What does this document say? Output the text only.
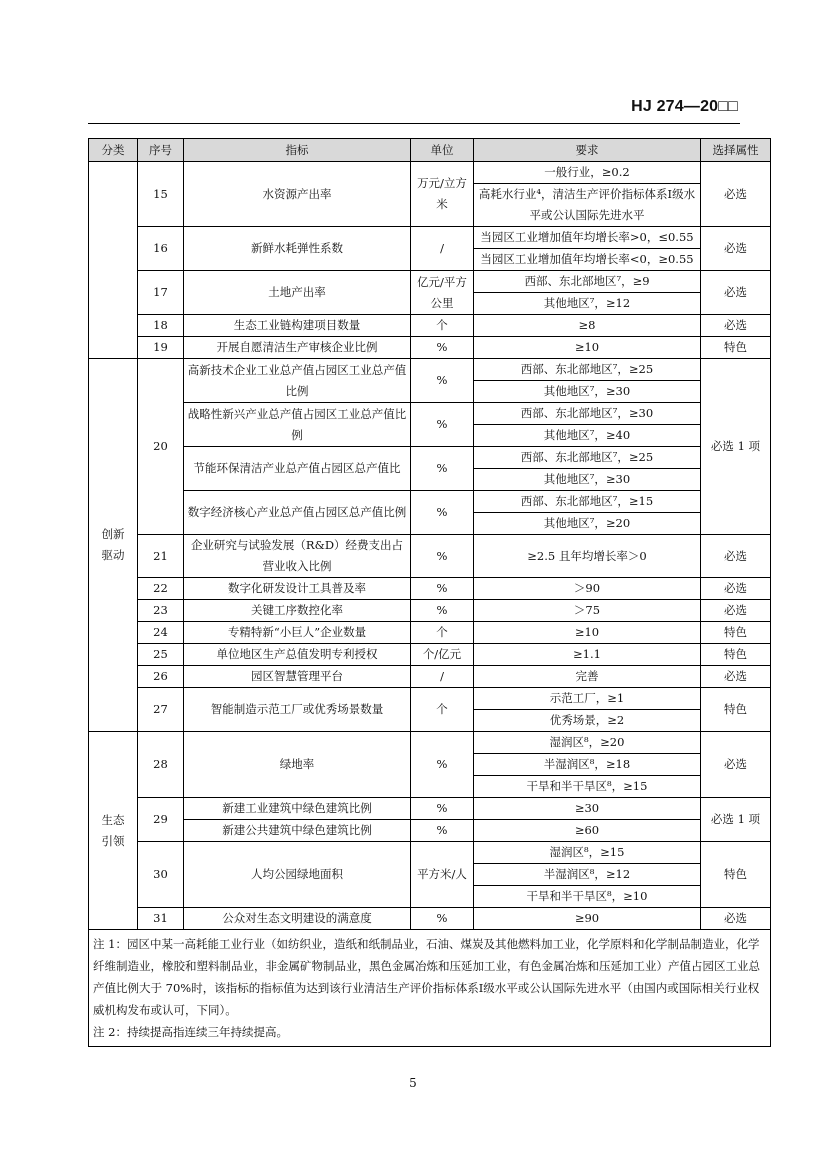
HJ 274—20□□
分类	序号	指标	单位	要求	选择属性
	15	水资源产出率	万元/立方米	一般行业，≥0.2	必选
				高耗水行业⁴，清洁生产评价指标体系Ⅰ级水平或公认国际先进水平	

	16	新鲜水耗弹性系数	/	当园区工业增加值年均增长率>0，≤0.55	必选
				当园区工业增加值年均增长率<0，≥0.55	
	17	土地产出率	亿元/平方公里	西部、东北部地区⁷，≥9	必选
				其他地区⁷，≥12	
	18	生态工业链构建项目数量	个	≥8	必选
	19	开展自愿清洁生产审核企业比例	%	≥10	特色
创新
驱动	20	高新技术企业工业总产值占园区工业总产值比例	%	西部、东北部地区⁷，≥25	必选 1 项
				其他地区⁷，≥30	
		战略性新兴产业总产值占园区工业总产值比例	%	西部、东北部地区⁷，≥30	
				其他地区⁷，≥40	
		节能环保清洁产业总产值占园区总产值比	%	西部、东北部地区⁷，≥25	
				其他地区⁷，≥30	
		数字经济核心产业总产值占园区总产值比例	%	西部、东北部地区⁷，≥15	
				其他地区⁷，≥20	
	21	企业研究与试验发展（R&D）经费支出占营业收入比例	%	≥2.5 且年均增长率＞0	必选

	22	数字化研发设计工具普及率	%	＞90	必选
	23	关键工序数控化率	%	＞75	必选
	24	专精特新“小巨人”企业数量	个	≥10	特色
	25	单位地区生产总值发明专利授权	个/亿元	≥1.1	特色
	26	园区智慧管理平台	/	完善	必选
	27	智能制造示范工厂或优秀场景数量	个	示范工厂，≥1	特色
				优秀场景，≥2	
生态
引领	28	绿地率	%	湿润区⁸，≥20	必选
				半湿润区⁸，≥18	
				干旱和半干旱区⁸，≥15	
	29	新建工业建筑中绿色建筑比例	%	≥30	必选 1 项
		新建公共建筑中绿色建筑比例	%	≥60	
	30	人均公园绿地面积	平方米/人	湿润区⁸，≥15	特色
				半湿润区⁸，≥12	
				干旱和半干旱区⁸，≥10	
	31	公众对生态文明建设的满意度	%	≥90	必选

注 1：园区中某一高耗能工业行业（如纺织业，造纸和纸制品业，石油、煤炭及其他燃料加工业，化学原料和化学制品制造业，化学纤维制造业，橡胶和塑料制品业，非金属矿物制品业，黑色金属冶炼和压延加工业，有色金属冶炼和压延加工业）产值占园区工业总产值比例大于 70%时，该指标的指标值为达到该行业清洁生产评价指标体系Ⅰ级水平或公认国际先进水平（由国内或国际相关行业权威机构发布或认可，下同）。

注 2：持续提高指连续三年持续提高。					

5
